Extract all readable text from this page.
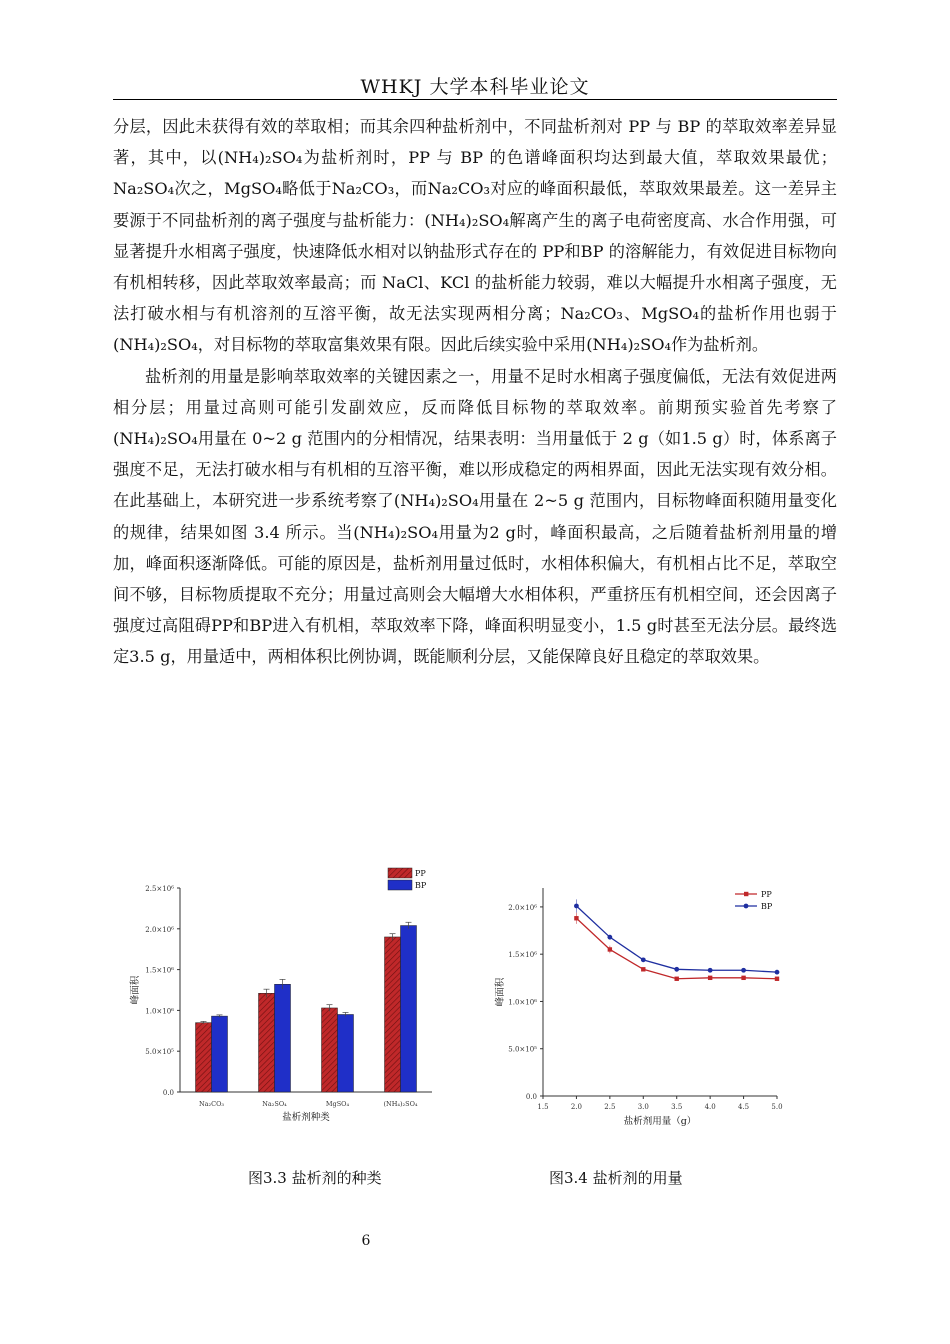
WHKJ 大学本科毕业论文

分层，因此未获得有效的萃取相；而其余四种盐析剂中，不同盐析剂对 PP 与 BP 的萃取效率差异显著，其中，以(NH₄)₂SO₄为盐析剂时，PP 与 BP 的色谱峰面积均达到最大值，萃取效果最优；Na₂SO₄次之，MgSO₄略低于Na₂CO₃，而Na₂CO₃对应的峰面积最低，萃取效果最差。这一差异主要源于不同盐析剂的离子强度与盐析能力：(NH₄)₂SO₄解离产生的离子电荷密度高、水合作用强，可显著提升水相离子强度，快速降低水相对以钠盐形式存在的 PP和BP 的溶解能力，有效促进目标物向有机相转移，因此萃取效率最高；而 NaCl、KCl 的盐析能力较弱，难以大幅提升水相离子强度，无法打破水相与有机溶剂的互溶平衡，故无法实现两相分离；Na₂CO₃、MgSO₄的盐析作用也弱于(NH₄)₂SO₄，对目标物的萃取富集效果有限。因此后续实验中采用(NH₄)₂SO₄作为盐析剂。

盐析剂的用量是影响萃取效率的关键因素之一，用量不足时水相离子强度偏低，无法有效促进两相分层；用量过高则可能引发副效应，反而降低目标物的萃取效率。前期预实验首先考察了(NH₄)₂SO₄用量在 0~2 g 范围内的分相情况，结果表明：当用量低于 2 g（如1.5 g）时，体系离子强度不足，无法打破水相与有机相的互溶平衡，难以形成稳定的两相界面，因此无法实现有效分相。在此基础上，本研究进一步系统考察了(NH₄)₂SO₄用量在 2~5 g 范围内，目标物峰面积随用量变化的规律，结果如图 3.4 所示。当(NH₄)₂SO₄用量为2 g时，峰面积最高，之后随着盐析剂用量的增加，峰面积逐渐降低。可能的原因是，盐析剂用量过低时，水相体积偏大，有机相占比不足，萃取空间不够，目标物质提取不充分；用量过高则会大幅增大水相体积，严重挤压有机相空间，还会因离子强度过高阻碍PP和BP进入有机相，萃取效率下降，峰面积明显变小，1.5 g时甚至无法分层。最终选定3.5 g，用量适中，两相体积比例协调，既能顺利分层，又能保障良好且稳定的萃取效果。

0.0
5.0×10⁵
1.0×10⁶
1.5×10⁶
2.0×10⁶
2.5×10⁶
Na₂CO₃	Na₂SO₄	MgSO₄	(NH₄)₂SO₄
盐析剂种类
峰面积
PP
BP
0.0
5.0×10⁵
1.0×10⁶
1.5×10⁶
2.0×10⁶
1.5	2.0	2.5	3.0	3.5	4.0	4.5	5.0
盐析剂用量（g）
峰面积
PP
BP
图3.3 盐析剂的种类	图3.4 盐析剂的用量
6
